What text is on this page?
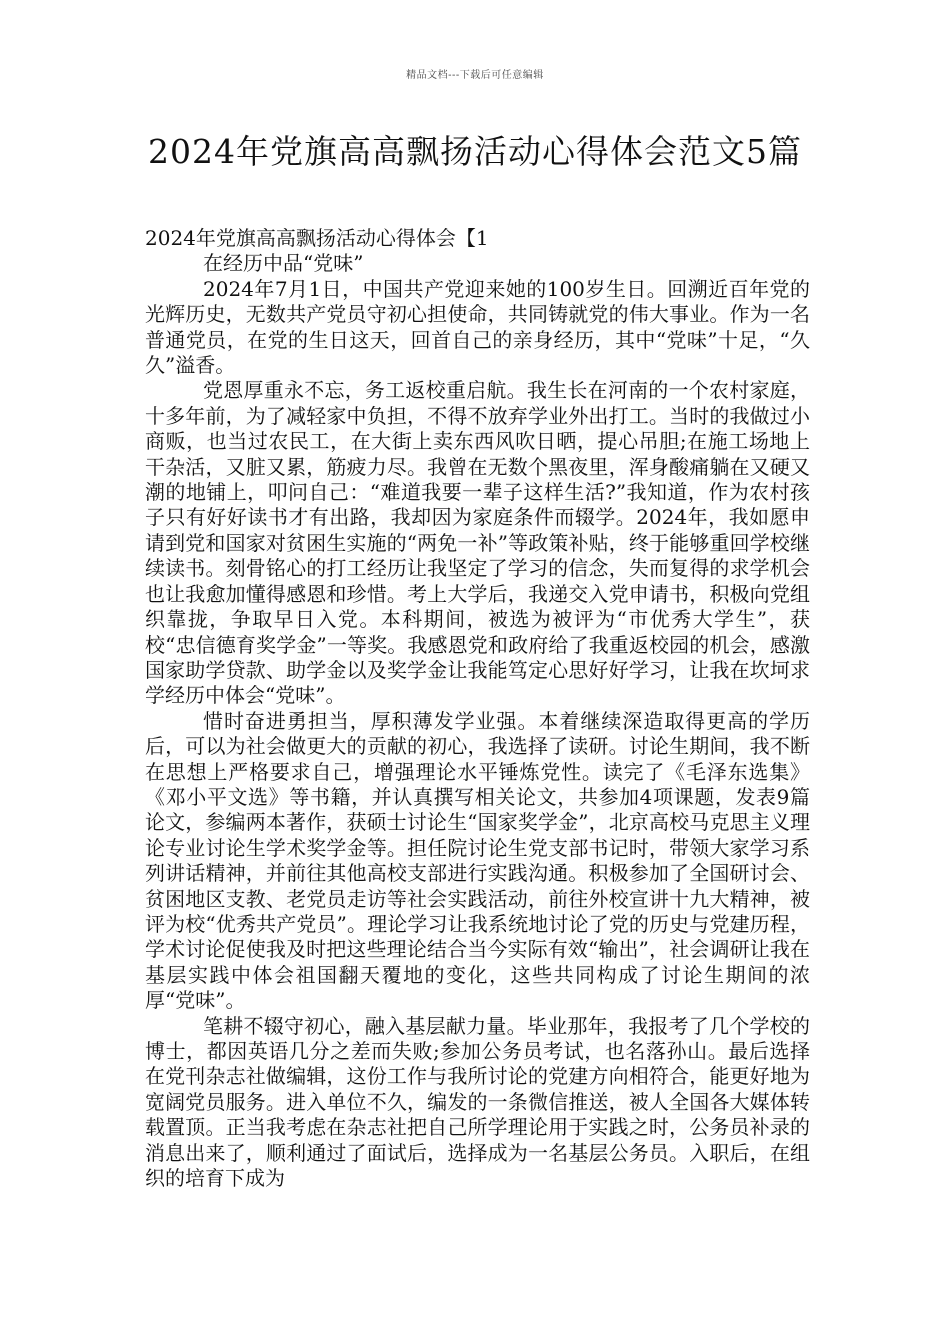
精品文档---下载后可任意编辑
2024年党旗高高飘扬活动心得体会范文5篇

2024年党旗高高飘扬活动心得体会【1

在经历中品“党味”

2024年7月1日，中国共产党迎来她的100岁生日。回溯近百年党的光辉历史，无数共产党员守初心担使命，共同铸就党的伟大事业。作为一名普通党员，在党的生日这天，回首自己的亲身经历，其中“党味”十足，“久久”溢香。

党恩厚重永不忘，务工返校重启航。我生长在河南的一个农村家庭，十多年前，为了减轻家中负担，不得不放弃学业外出打工。当时的我做过小商贩，也当过农民工，在大街上卖东西风吹日晒，提心吊胆;在施工场地上干杂活，又脏又累，筋疲力尽。我曾在无数个黑夜里，浑身酸痛躺在又硬又潮的地铺上，叩问自己：“难道我要一辈子这样生活?”我知道，作为农村孩子只有好好读书才有出路，我却因为家庭条件而辍学。2024年，我如愿申请到党和国家对贫困生实施的“两免一补”等政策补贴，终于能够重回学校继续读书。刻骨铭心的打工经历让我坚定了学习的信念，失而复得的求学机会也让我愈加懂得感恩和珍惜。考上大学后，我递交入党申请书，积极向党组织靠拢，争取早日入党。本科期间，被选为被评为“市优秀大学生”，获校“忠信德育奖学金”一等奖。我感恩党和政府给了我重返校园的机会，感激国家助学贷款、助学金以及奖学金让我能笃定心思好好学习，让我在坎坷求学经历中体会“党味”。

惜时奋进勇担当，厚积薄发学业强。本着继续深造取得更高的学历后，可以为社会做更大的贡献的初心，我选择了读研。讨论生期间，我不断在思想上严格要求自己，增强理论水平锤炼党性。读完了《毛泽东选集》《邓小平文选》等书籍，并认真撰写相关论文，共参加4项课题，发表9篇论文，参编两本著作，获硕士讨论生“国家奖学金”，北京高校马克思主义理论专业讨论生学术奖学金等。担任院讨论生党支部书记时，带领大家学习系列讲话精神，并前往其他高校支部进行实践沟通。积极参加了全国研讨会、贫困地区支教、老党员走访等社会实践活动，前往外校宣讲十九大精神，被评为校“优秀共产党员”。理论学习让我系统地讨论了党的历史与党建历程，学术讨论促使我及时把这些理论结合当今实际有效“输出”，社会调研让我在基层实践中体会祖国翻天覆地的变化，这些共同构成了讨论生期间的浓厚“党味”。

笔耕不辍守初心，融入基层献力量。毕业那年，我报考了几个学校的博士，都因英语几分之差而失败;参加公务员考试，也名落孙山。最后选择在党刊杂志社做编辑，这份工作与我所讨论的党建方向相符合，能更好地为宽阔党员服务。进入单位不久，编发的一条微信推送，被人全国各大媒体转载置顶。正当我考虑在杂志社把自己所学理论用于实践之时，公务员补录的消息出来了，顺利通过了面试后，选择成为一名基层公务员。入职后，在组织的培育下成为
